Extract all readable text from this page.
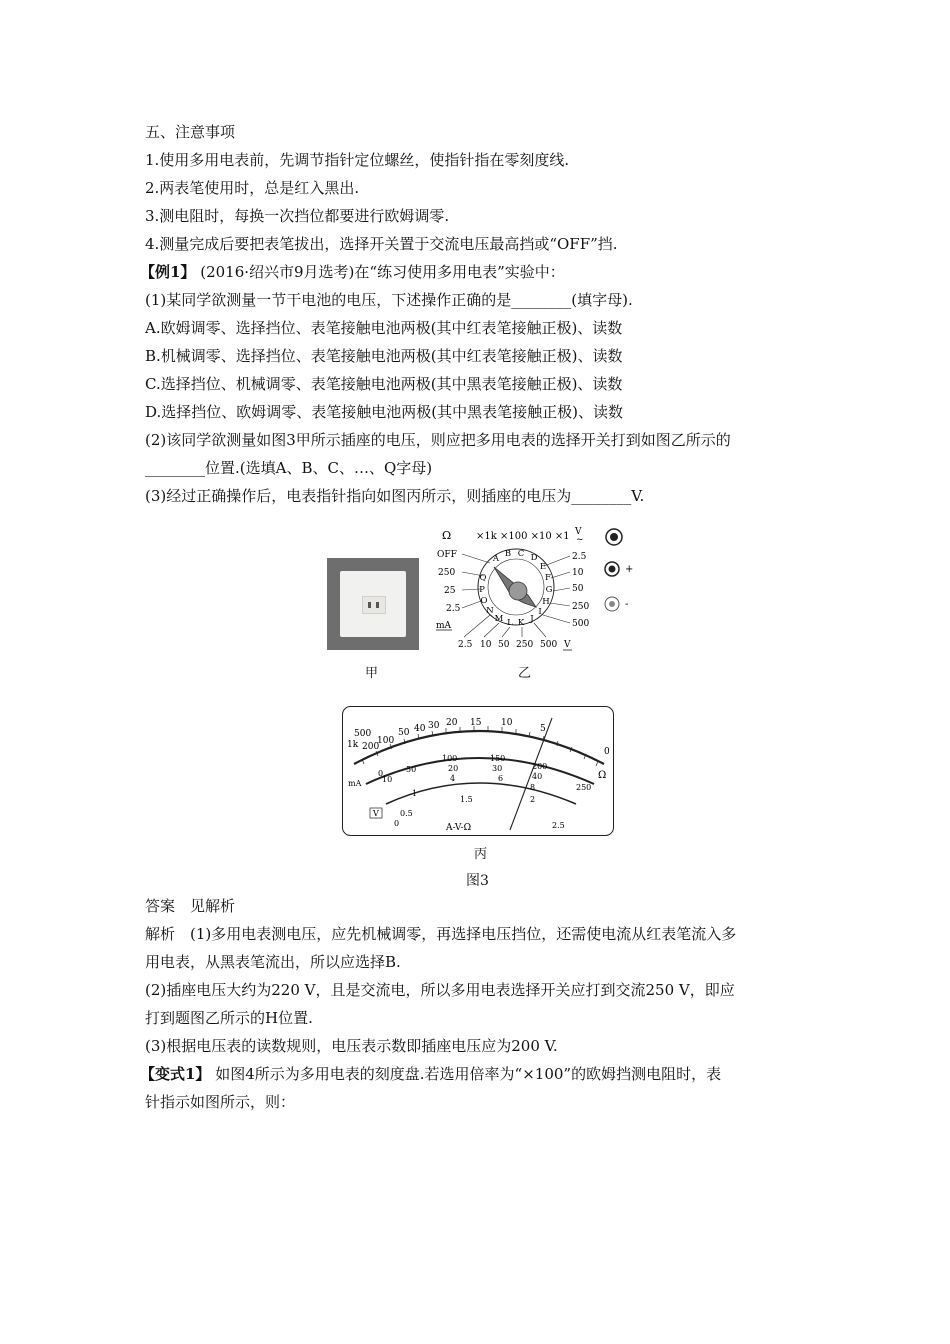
五、注意事项
1.使用多用电表前，先调节指针定位螺丝，使指针指在零刻度线.
2.两表笔使用时，总是红入黑出.
3.测电阻时，每换一次挡位都要进行欧姆调零.
4.测量完成后要把表笔拔出，选择开关置于交流电压最高挡或“OFF”挡.
【例1】 (2016·绍兴市9月选考)在“练习使用多用电表”实验中：
(1)某同学欲测量一节干电池的电压，下述操作正确的是________(填字母).
A.欧姆调零、选择挡位、表笔接触电池两极(其中红表笔接触正极)、读数
B.机械调零、选择挡位、表笔接触电池两极(其中红表笔接触正极)、读数
C.选择挡位、机械调零、表笔接触电池两极(其中黑表笔接触正极)、读数
D.选择挡位、欧姆调零、表笔接触电池两极(其中黑表笔接触正极)、读数
(2)该同学欲测量如图3甲所示插座的电压，则应把多用电表的选择开关打到如图乙所示的
________位置.(选填A、B、C、…、Q字母)
(3)经过正确操作后，电表指针指向如图丙所示，则插座的电压为________V.
甲
Ω ×1k ×100 ×10 ×1 V
~
OFF
250
25
2.5
mA
2.5
10
50
250
500
A B C D
E
F
G
H
I
J
K
L
M
N
O
P
Q
2.5 10 50 250 500 V
+
-
乙
500
1k 200
100
50 40 30 20 15 10
5
0
Ω
0
10
50
100	150
200
250
20
4	6
8
30
40
mA
V
0
0.5
1
1.5	2
2.5
A-V-Ω
丙
图3
答案　见解析
解析　(1)多用电表测电压，应先机械调零，再选择电压挡位，还需使电流从红表笔流入多
用电表，从黑表笔流出，所以应选择B.
(2)插座电压大约为220 V，且是交流电，所以多用电表选择开关应打到交流250 V，即应
打到题图乙所示的H位置.
(3)根据电压表的读数规则，电压表示数即插座电压应为200 V.
【变式1】 如图4所示为多用电表的刻度盘.若选用倍率为“×100”的欧姆挡测电阻时，表
针指示如图所示，则：
